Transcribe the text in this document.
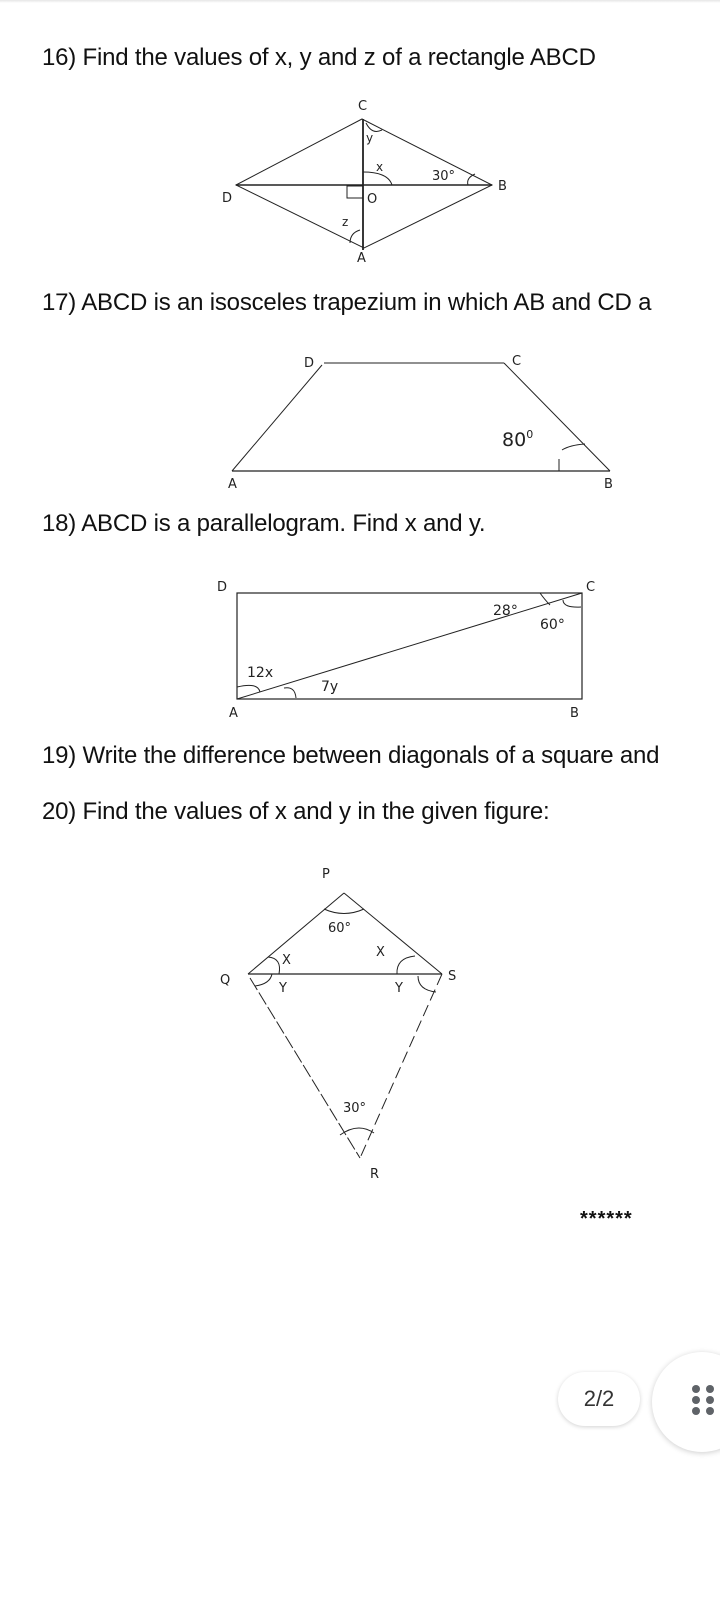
16) Find the values of x, y and z of a rectangle ABCD
C
D
B
A
O
x
y
z
30°
17) ABCD is an isosceles trapezium in which AB and CD a
D	C
A	B
$80^0$
18) ABCD is a parallelogram. Find x and y.
D	C
A	B
28°
60°
12x
7y
19) Write the difference between diagonals of a square and
20) Find the values of x and y in the given figure:
P
Q	S
R
60°
30°
X
X
Y	Y
******
2/2
